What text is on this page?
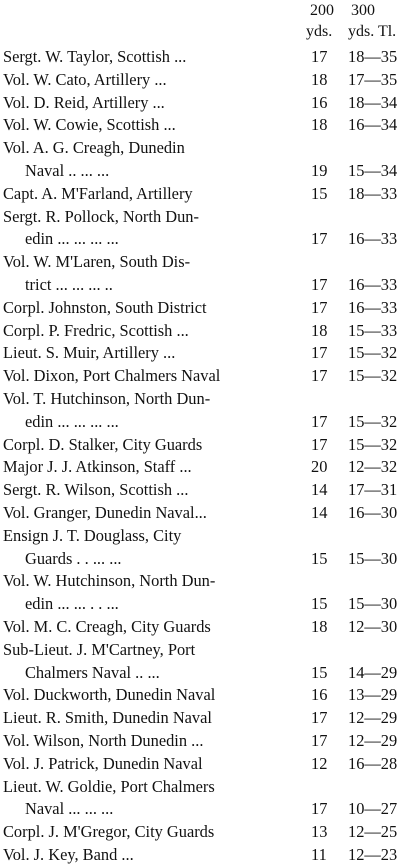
200 300
yds. yds. Tl.
Sergt. W. Taylor, Scottish ...	17	18—35
Vol. W. Cato, Artillery ...	18	17—35
Vol. D. Reid, Artillery ...	16	18—34
Vol. W. Cowie, Scottish ...	18	16—34
Vol. A. G. Creagh, Dunedin
Naval .. ... ...	19	15—34
Capt. A. M'Farland, Artillery	15	18—33
Sergt. R. Pollock, North Dun-
edin ... ... ... ...	17	16—33
Vol. W. M'Laren, South Dis-
trict ... ... ... ..	17	16—33
Corpl. Johnston, South District	17	16—33
Corpl. P. Fredric, Scottish ...	18	15—33
Lieut. S. Muir, Artillery ...	17	15—32
Vol. Dixon, Port Chalmers Naval	17	15—32
Vol. T. Hutchinson, North Dun-
edin ... ... ... ...	17	15—32
Corpl. D. Stalker, City Guards	17	15—32
Major J. J. Atkinson, Staff ...	20	12—32
Sergt. R. Wilson, Scottish ...	14	17—31
Vol. Granger, Dunedin Naval...	14	16—30
Ensign J. T. Douglass, City
Guards . . ... ...	15	15—30
Vol. W. Hutchinson, North Dun-
edin ... ... . . ...	15	15—30
Vol. M. C. Creagh, City Guards	18	12—30
Sub-Lieut. J. M'Cartney, Port
Chalmers Naval .. ...	15	14—29
Vol. Duckworth, Dunedin Naval	16	13—29
Lieut. R. Smith, Dunedin Naval	17	12—29
Vol. Wilson, North Dunedin ...	17	12—29
Vol. J. Patrick, Dunedin Naval	12	16—28
Lieut. W. Goldie, Port Chalmers
Naval ... ... ...	17	10—27
Corpl. J. M'Gregor, City Guards	13	12—25
Vol. J. Key, Band ...	11	12—23
